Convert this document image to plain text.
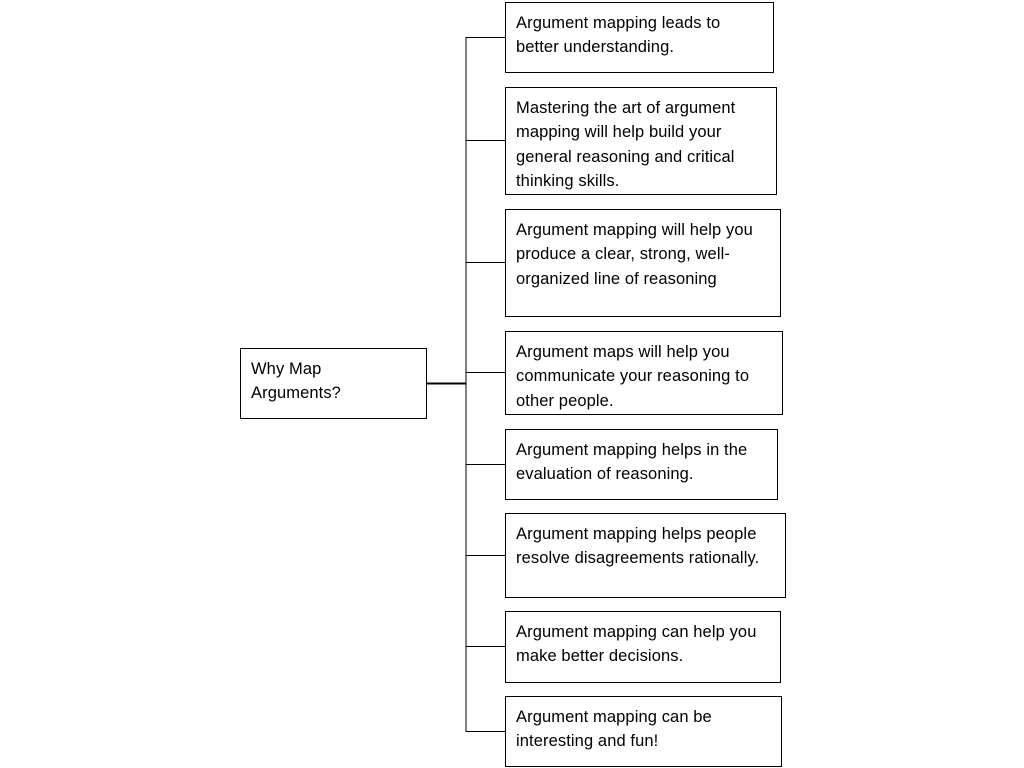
Why Map Arguments?
Argument mapping leads to better understanding.
Mastering the art of argument mapping will help build your general reasoning and critical thinking skills.
Argument mapping will help you produce a clear, strong, well-organized line of reasoning
Argument maps will help you communicate your reasoning to other people.
Argument mapping helps in the evaluation of reasoning.
Argument mapping helps people resolve disagreements rationally.
Argument mapping can help you make better decisions.
Argument mapping can be interesting and fun!
